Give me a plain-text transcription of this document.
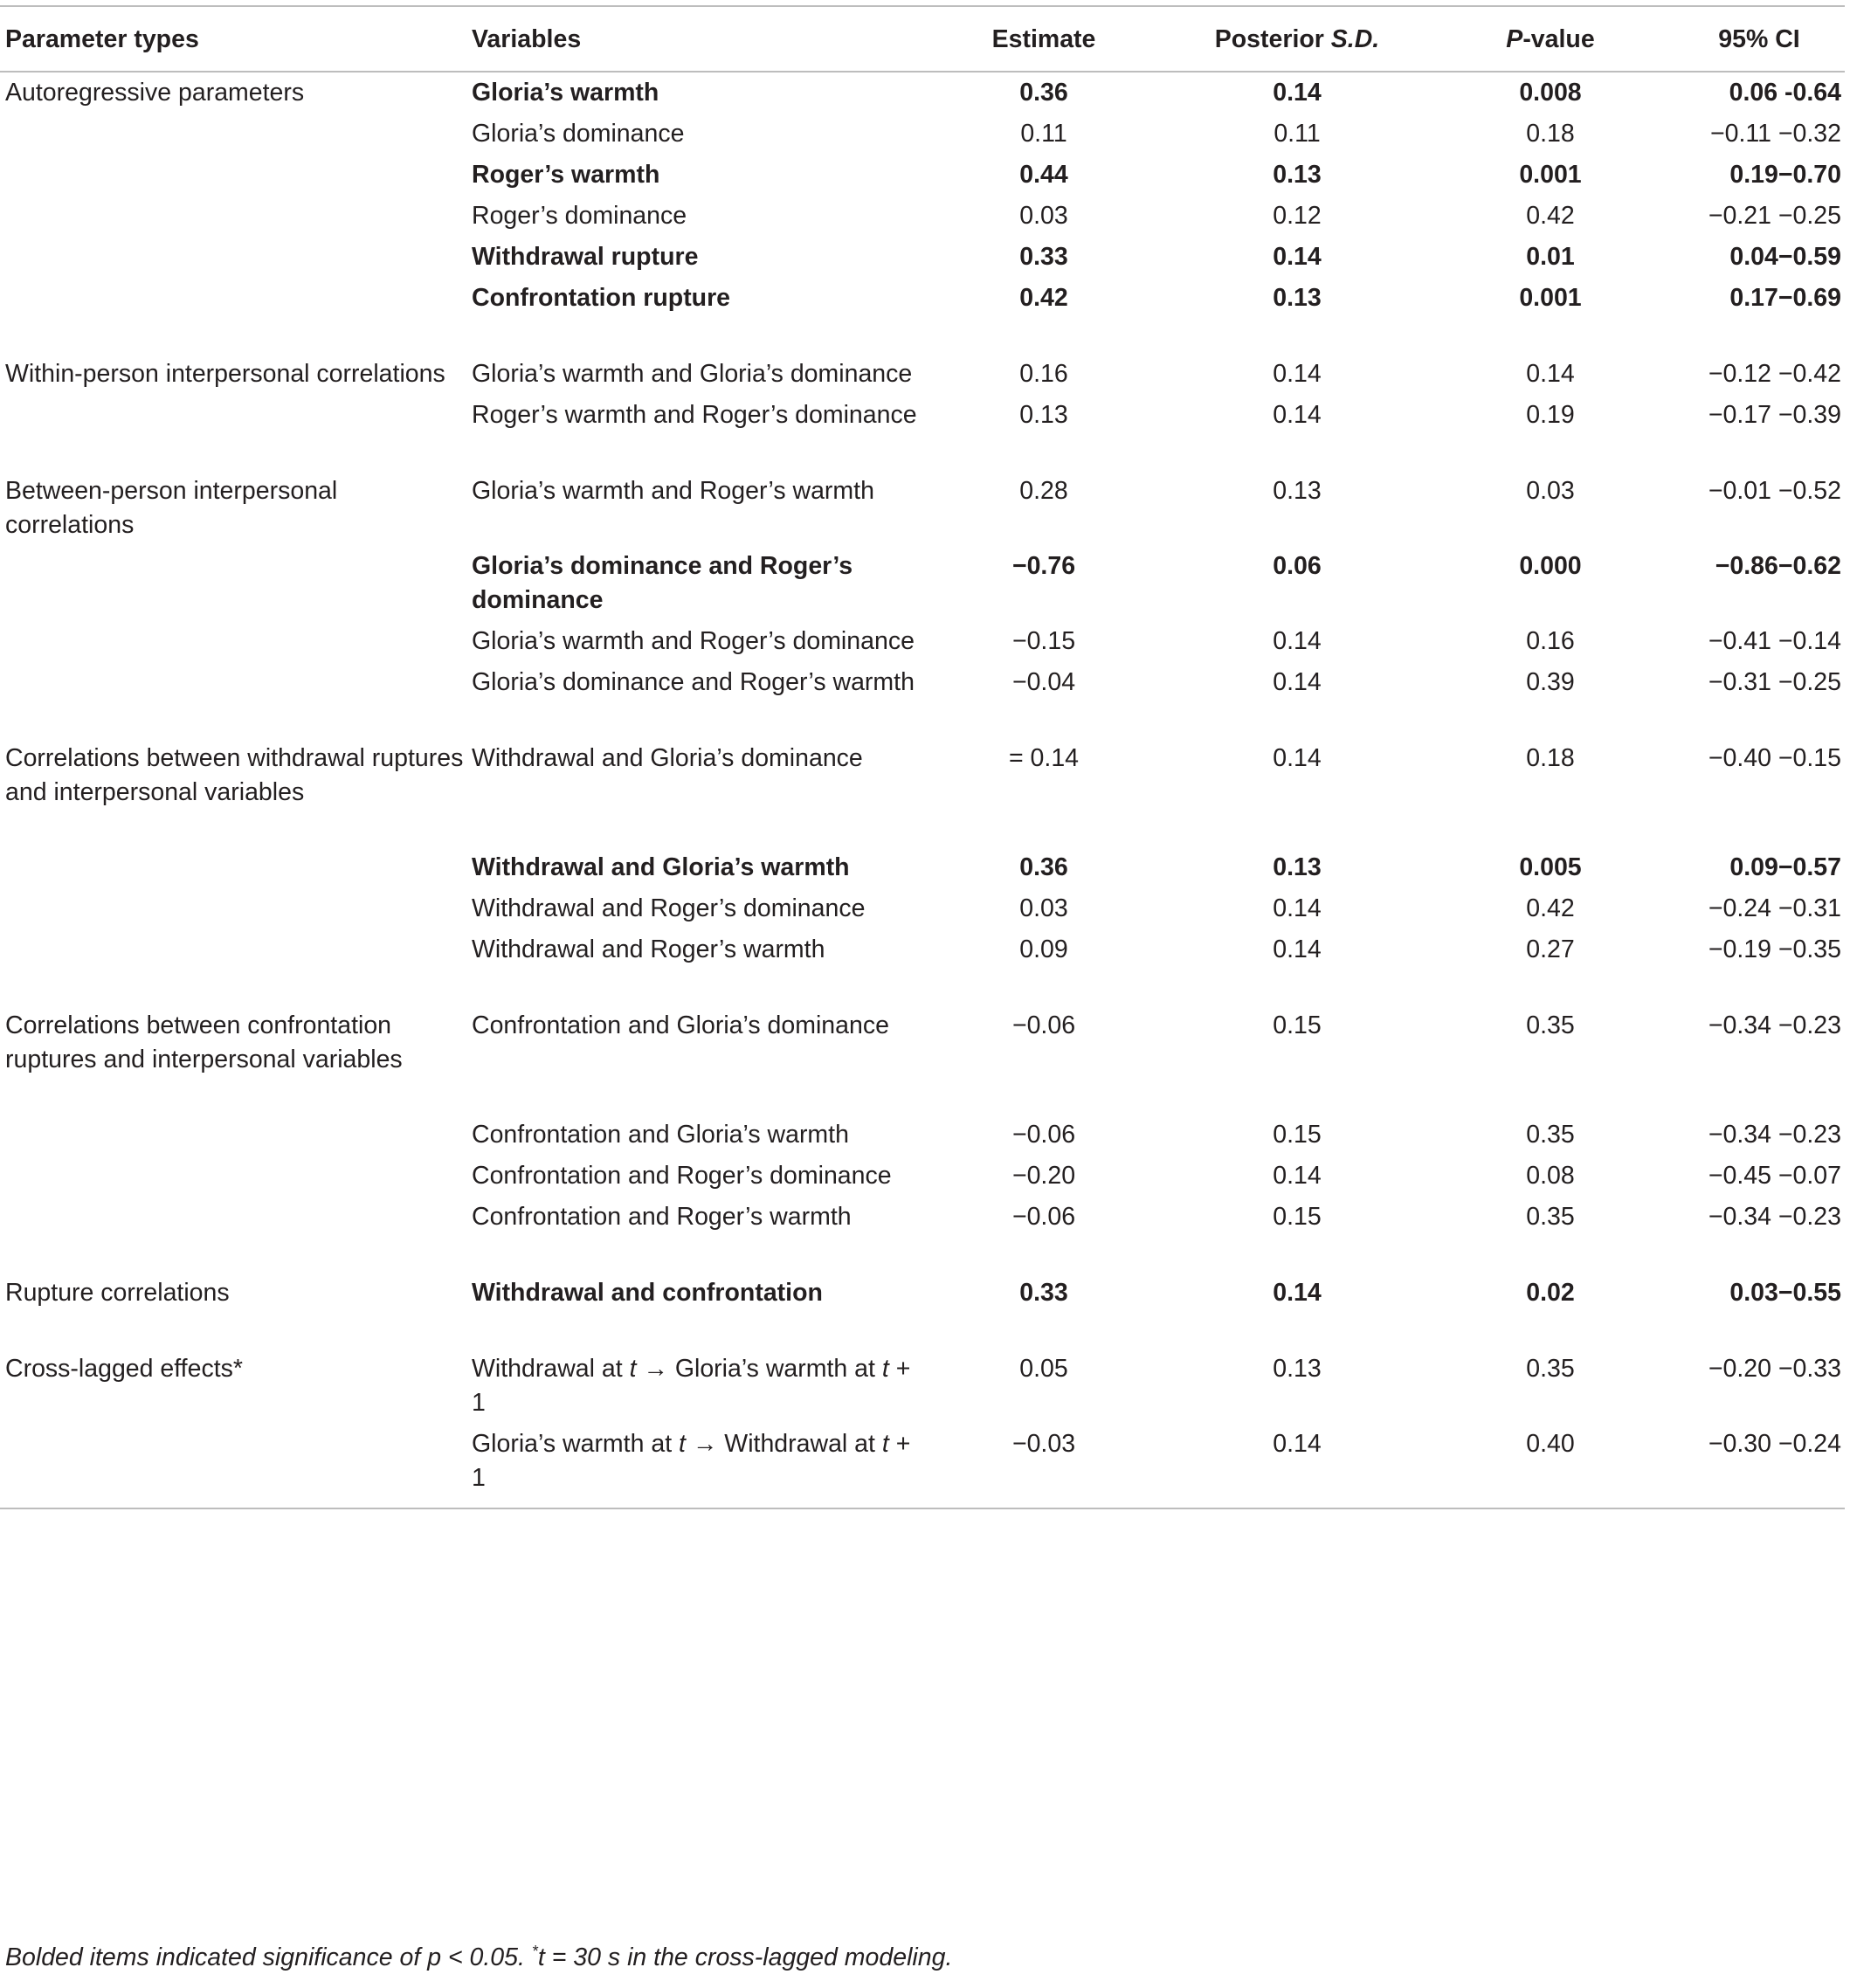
Parameter types	Variables	Estimate	Posterior S.D.	P-value	95% CI
Autoregressive parameters	Gloria’s warmth	0.36	0.14	0.008	0.06 -0.64
	Gloria’s dominance	0.11	0.11	0.18	−0.11 −0.32
	Roger’s warmth	0.44	0.13	0.001	0.19−0.70
	Roger’s dominance	0.03	0.12	0.42	−0.21 −0.25
	Withdrawal rupture	0.33	0.14	0.01	0.04−0.59
	Confrontation rupture	0.42	0.13	0.001	0.17−0.69

Within-person interpersonal correlations	Gloria’s warmth and Gloria’s dominance	0.16	0.14	0.14	−0.12 −0.42
	Roger’s warmth and Roger’s dominance	0.13	0.14	0.19	−0.17 −0.39

Between-person interpersonal correlations	Gloria’s warmth and Roger’s warmth	0.28	0.13	0.03	−0.01 −0.52
	Gloria’s dominance and Roger’s dominance	−0.76	0.06	0.000	−0.86−0.62
	Gloria’s warmth and Roger’s dominance	−0.15	0.14	0.16	−0.41 −0.14
	Gloria’s dominance and Roger’s warmth	−0.04	0.14	0.39	−0.31 −0.25

Correlations between withdrawal ruptures and interpersonal variables	Withdrawal and Gloria’s dominance	= 0.14	0.14	0.18	−0.40 −0.15
	Withdrawal and Gloria’s warmth	0.36	0.13	0.005	0.09−0.57
	Withdrawal and Roger’s dominance	0.03	0.14	0.42	−0.24 −0.31
	Withdrawal and Roger’s warmth	0.09	0.14	0.27	−0.19 −0.35

Correlations between confrontation ruptures and interpersonal variables	Confrontation and Gloria’s dominance	−0.06	0.15	0.35	−0.34 −0.23
	Confrontation and Gloria’s warmth	−0.06	0.15	0.35	−0.34 −0.23
	Confrontation and Roger’s dominance	−0.20	0.14	0.08	−0.45 −0.07
	Confrontation and Roger’s warmth	−0.06	0.15	0.35	−0.34 −0.23

Rupture correlations	Withdrawal and confrontation	0.33	0.14	0.02	0.03−0.55

Cross-lagged effects*	Withdrawal at t → Gloria’s warmth at t + 1	0.05	0.13	0.35	−0.20 −0.33
	Gloria’s warmth at t → Withdrawal at t + 1	−0.03	0.14	0.40	−0.30 −0.24
Bolded items indicated significance of p < 0.05. *t = 30 s in the cross-lagged modeling.
